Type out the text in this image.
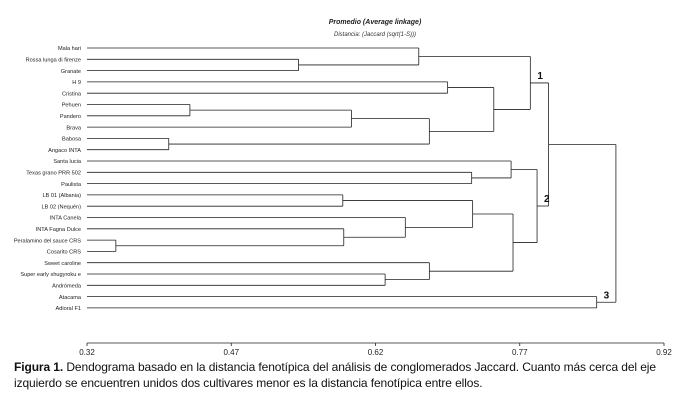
Promedio (Average linkage)
Distancia: (Jaccard (sqrt(1-S)))
Mala hari
Rossa lunga di firenze
Granate
H 9
Cristina
Pehuen
Pandero
Brava
Babosa
Angaco INTA
Santa lucia
Texas grano PRR 502
Paulista
LB 01 (Albania)
LB 02 (Nequén)
INTA Canela
INTA Fagna Dulce
Peralamino del sauce CRS
Cosarito CRS
Sweet caroline
Super early shugyroku e
Andrómeda
Atacama
Adioral F1
0.32	0.47	0.62	0.77	0.92
1
2
3
Figura 1. Dendograma basado en la distancia fenotípica del análisis de conglomerados Jaccard. Cuanto más cerca del eje izquierdo se encuentren unidos dos cultivares menor es la distancia fenotípica entre ellos.
